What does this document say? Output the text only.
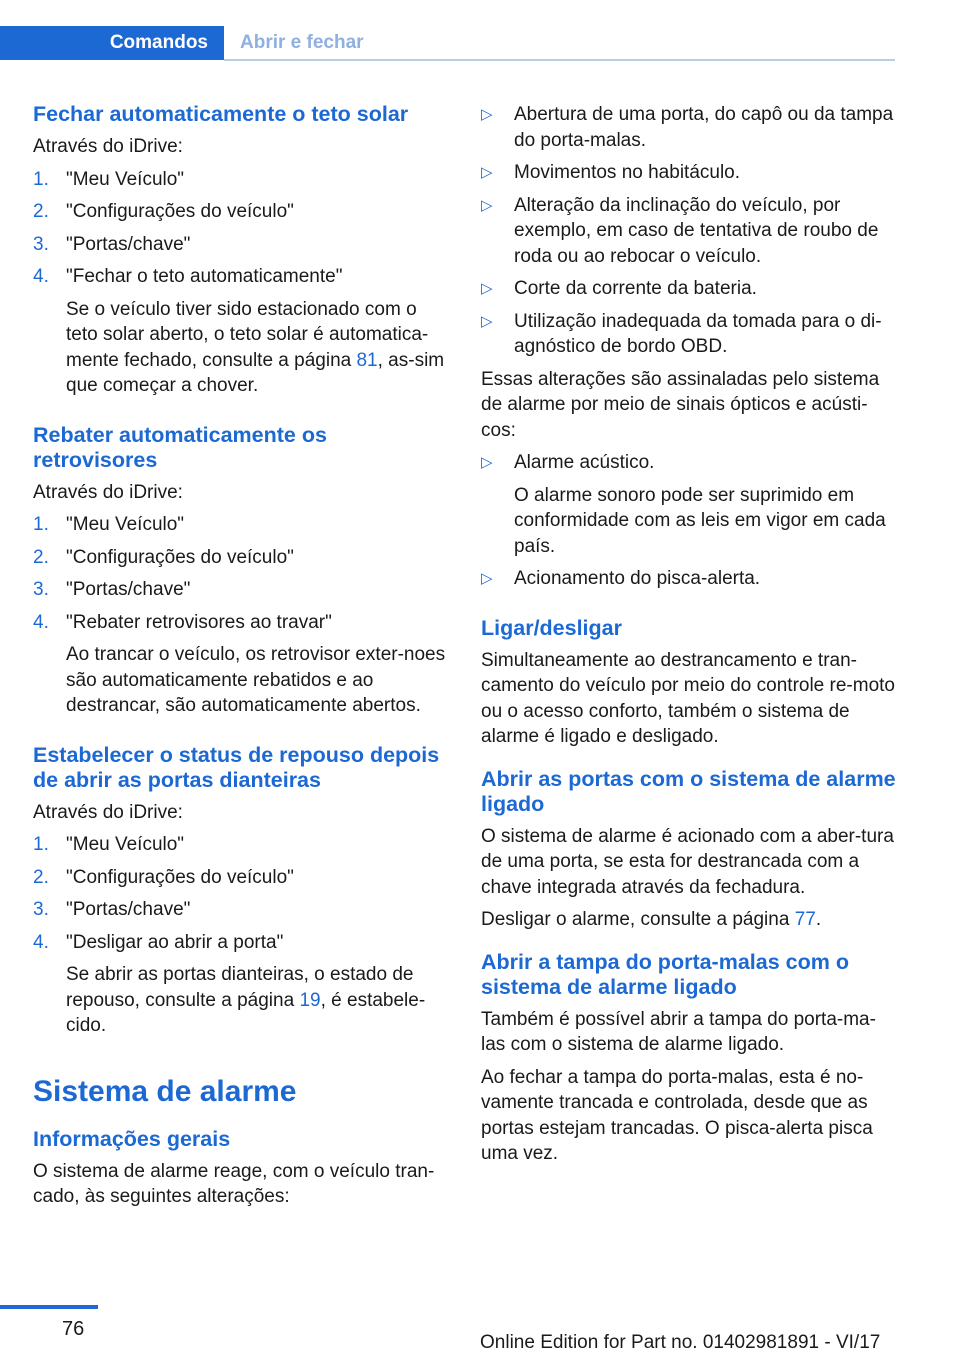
Comandos	Abrir e fechar
Fechar automaticamente o teto solar

Através do iDrive:

1. "Meu Veículo"
2. "Configurações do veículo"
3. "Portas/chave"
4. "Fechar o teto automaticamente"
Se o veículo tiver sido estacionado com o teto solar aberto, o teto solar é automatica‐mente fechado, consulte a página 81, as‐sim que começar a chover.
Rebater automaticamente os retrovisores

Através do iDrive:

1. "Meu Veículo"
2. "Configurações do veículo"
3. "Portas/chave"
4. "Rebater retrovisores ao travar"
Ao trancar o veículo, os retrovisor exter‐noes são automaticamente rebatidos e ao destrancar, são automaticamente abertos.
Estabelecer o status de repouso depois de abrir as portas dianteiras

Através do iDrive:

1. "Meu Veículo"
2. "Configurações do veículo"
3. "Portas/chave"
4. "Desligar ao abrir a porta"
Se abrir as portas dianteiras, o estado de repouso, consulte a página 19, é estabele‐cido.
Sistema de alarme
Informações gerais

O sistema de alarme reage, com o veículo tran‐cado, às seguintes alterações:

▷ Abertura de uma porta, do capô ou da tampa do porta-malas.
▷ Movimentos no habitáculo.
▷ Alteração da inclinação do veículo, por exemplo, em caso de tentativa de roubo de roda ou ao rebocar o veículo.
▷ Corte da corrente da bateria.
▷ Utilização inadequada da tomada para o di‐agnóstico de bordo OBD.

Essas alterações são assinaladas pelo sistema de alarme por meio de sinais ópticos e acústi‐cos:

▷ Alarme acústico.
O alarme sonoro pode ser suprimido em conformidade com as leis em vigor em cada país.
▷ Acionamento do pisca-alerta.
Ligar/desligar

Simultaneamente ao destrancamento e tran‐camento do veículo por meio do controle re‐moto ou o acesso conforto, também o sistema de alarme é ligado e desligado.

Abrir as portas com o sistema de alarme ligado

O sistema de alarme é acionado com a aber‐tura de uma porta, se esta for destrancada com a chave integrada através da fechadura.

Desligar o alarme, consulte a página 77.

Abrir a tampa do porta-malas com o sistema de alarme ligado

Também é possível abrir a tampa do porta-ma‐las com o sistema de alarme ligado.

Ao fechar a tampa do porta-malas, esta é no‐vamente trancada e controlada, desde que as portas estejam trancadas. O pisca-alerta pisca uma vez.

76
Online Edition for Part no. 01402981891 - VI/17
